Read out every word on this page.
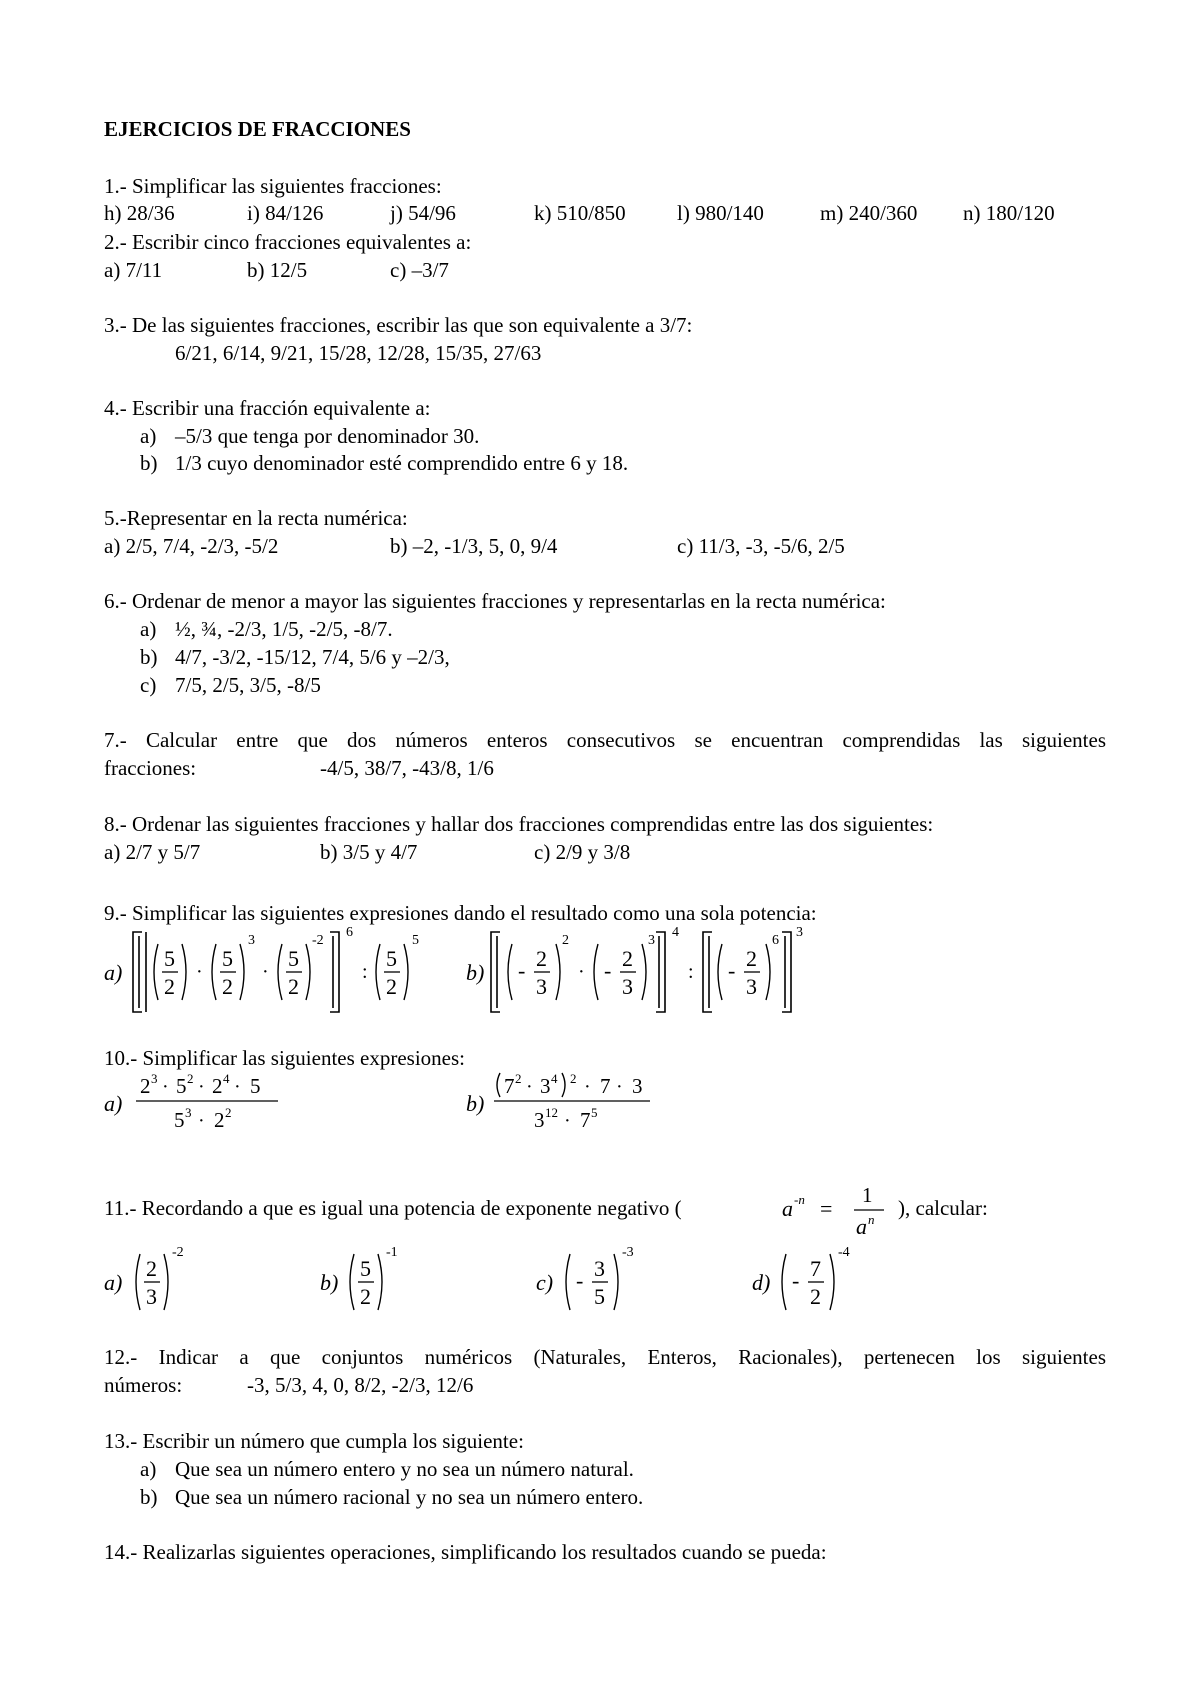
EJERCICIOS DE FRACCIONES
1.- Simplificar las siguientes fracciones:
h) 28/36	i) 84/126	j) 54/96	k) 510/850 l) 980/140	m) 240/360 n) 180/120
2.- Escribir cinco fracciones equivalentes a:
a) 7/11	b) 12/5	c) –3/7
3.- De las siguientes fracciones, escribir las que son equivalente a 3/7:
6/21, 6/14, 9/21, 15/28, 12/28, 15/35, 27/63
4.- Escribir una fracción equivalente a:
a) –5/3 que tenga por denominador 30.
b) 1/3 cuyo denominador esté comprendido entre 6 y 18.
5.-Representar en la recta numérica:
a) 2/5, 7/4, -2/3, -5/2	b) –2, -1/3, 5, 0, 9/4	c) 11/3, -3, -5/6, 2/5
6.- Ordenar de menor a mayor las siguientes fracciones y representarlas en la recta numérica:
a) ½, ¾, -2/3, 1/5, -2/5, -8/7.
b) 4/7, -3/2, -15/12, 7/4, 5/6 y –2/3,
c) 7/5, 2/5, 3/5, -8/5
7.- Calcular entre que dos números enteros consecutivos se encuentran comprendidas las siguientes
fracciones:	-4/5, 38/7, -43/8, 1/6
8.- Ordenar las siguientes fracciones y hallar dos fracciones comprendidas entre las dos siguientes:
a) 2/7 y 5/7	b) 3/5 y 4/7	c) 2/9 y 3/8
9.- Simplificar las siguientes expresiones dando el resultado como una sola potencia:
a)
5
2
·
5
2
3
·
5
2
-2
6
:
5
2
5
b) - 2
3
2
· - 2
3
3
4
: - 2
3
6
3
10.- Simplificar las siguientes expresiones:
a)
2 3 · 5 2 · 2 4 · 5
5 3 · 2 2	b)
7 2 · 3 4 2 · 7 · 3
3 12 · 7 5
11.- Recordando a que es igual una potencia de exponente negativo (	a -n =
1
a n ), calcular:
a)
2
3
-2
b)
5
2
-1
c) - 3
5
-3
d) - 7
2
-4
12.- Indicar a que conjuntos numéricos (Naturales, Enteros, Racionales), pertenecen los siguientes
números:	-3, 5/3, 4, 0, 8/2, -2/3, 12/6
13.- Escribir un número que cumpla los siguiente:
a) Que sea un número entero y no sea un número natural.
b) Que sea un número racional y no sea un número entero.
14.- Realizarlas siguientes operaciones, simplificando los resultados cuando se pueda:
